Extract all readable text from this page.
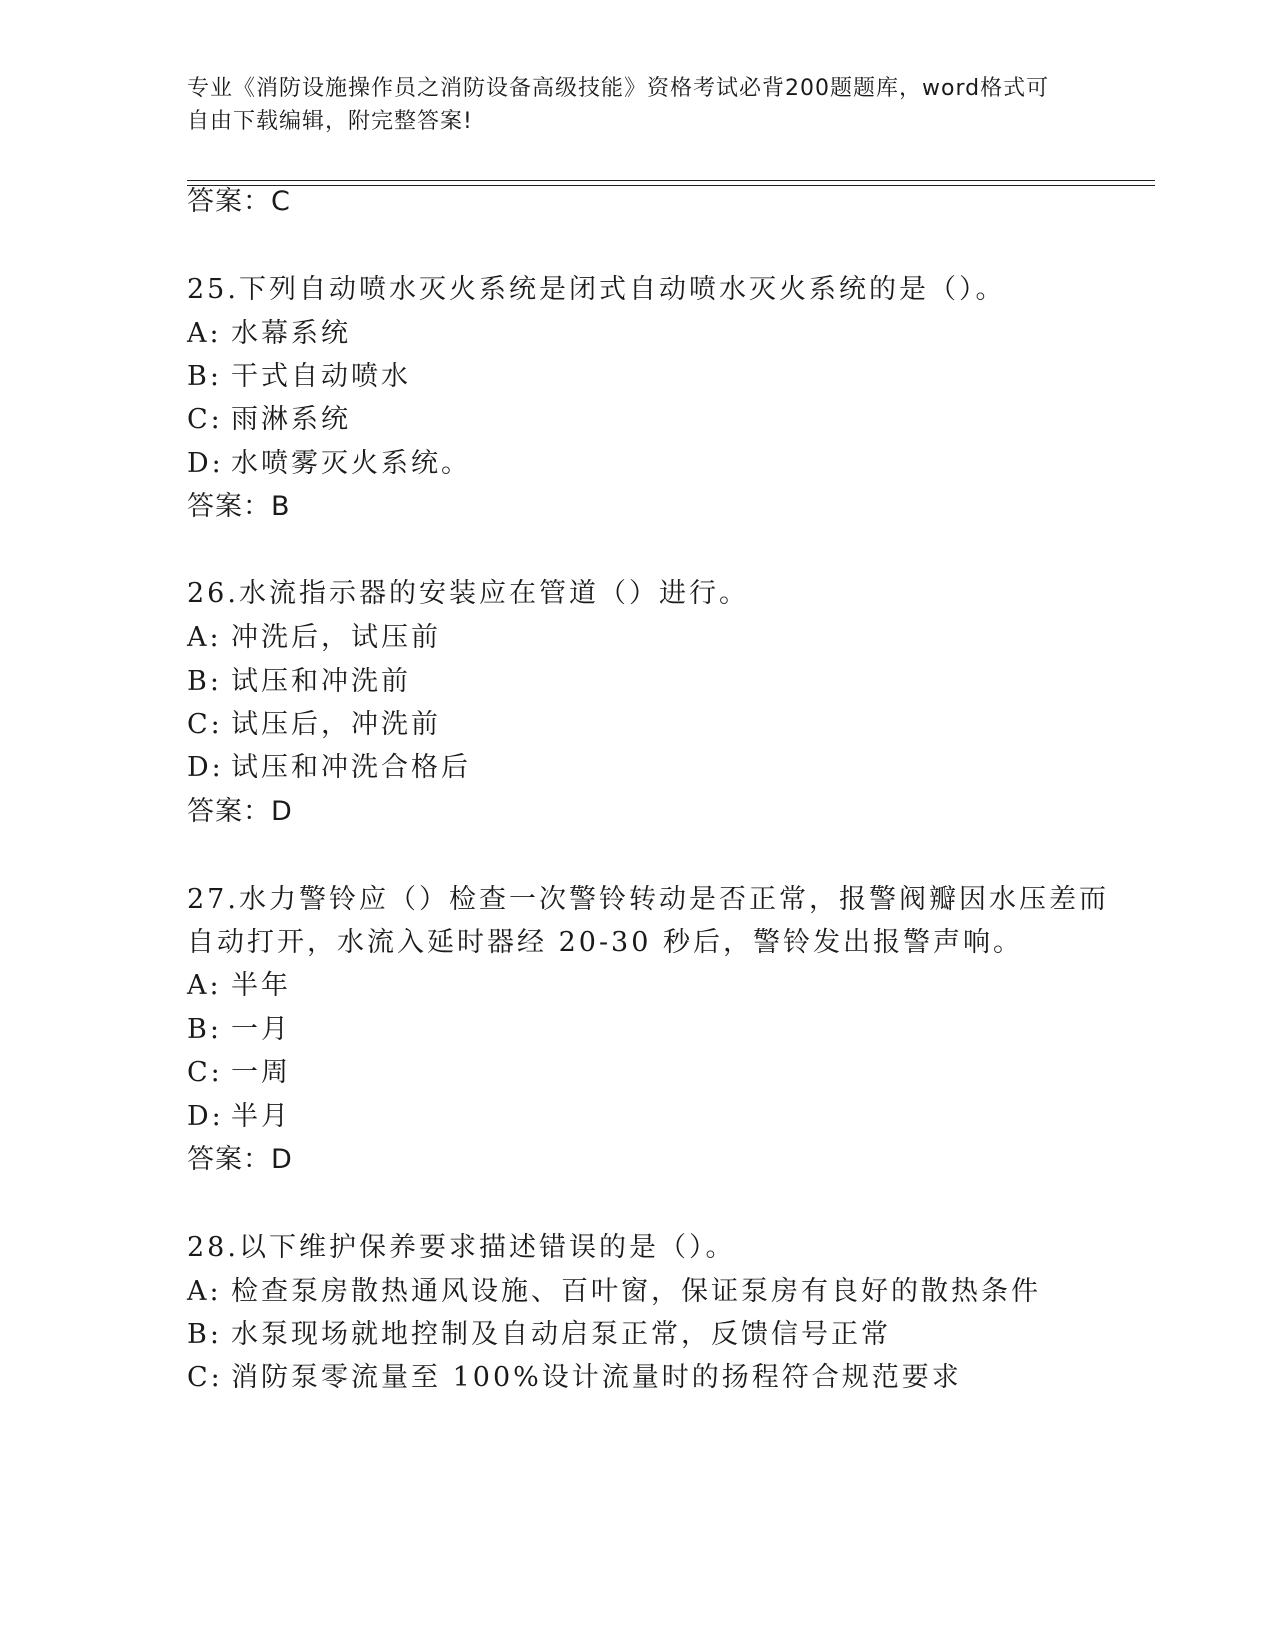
专业《消防设施操作员之消防设备高级技能》资格考试必背200题题库，word格式可自由下载编辑，附完整答案!
答案：C
25.下列自动喷水灭火系统是闭式自动喷水灭火系统的是（）。
A: 水幕系统
B: 干式自动喷水
C: 雨淋系统
D: 水喷雾灭火系统。
答案：B
26.水流指示器的安装应在管道（）进行。
A: 冲洗后，试压前
B: 试压和冲洗前
C: 试压后，冲洗前
D: 试压和冲洗合格后
答案：D
27.水力警铃应（）检查一次警铃转动是否正常，报警阀瓣因水压差而
自动打开，水流入延时器经 20-30 秒后，警铃发出报警声响。
A: 半年
B: 一月
C: 一周
D: 半月
答案：D
28.以下维护保养要求描述错误的是（）。
A: 检查泵房散热通风设施、百叶窗，保证泵房有良好的散热条件
B: 水泵现场就地控制及自动启泵正常，反馈信号正常
C: 消防泵零流量至 100%设计流量时的扬程符合规范要求
